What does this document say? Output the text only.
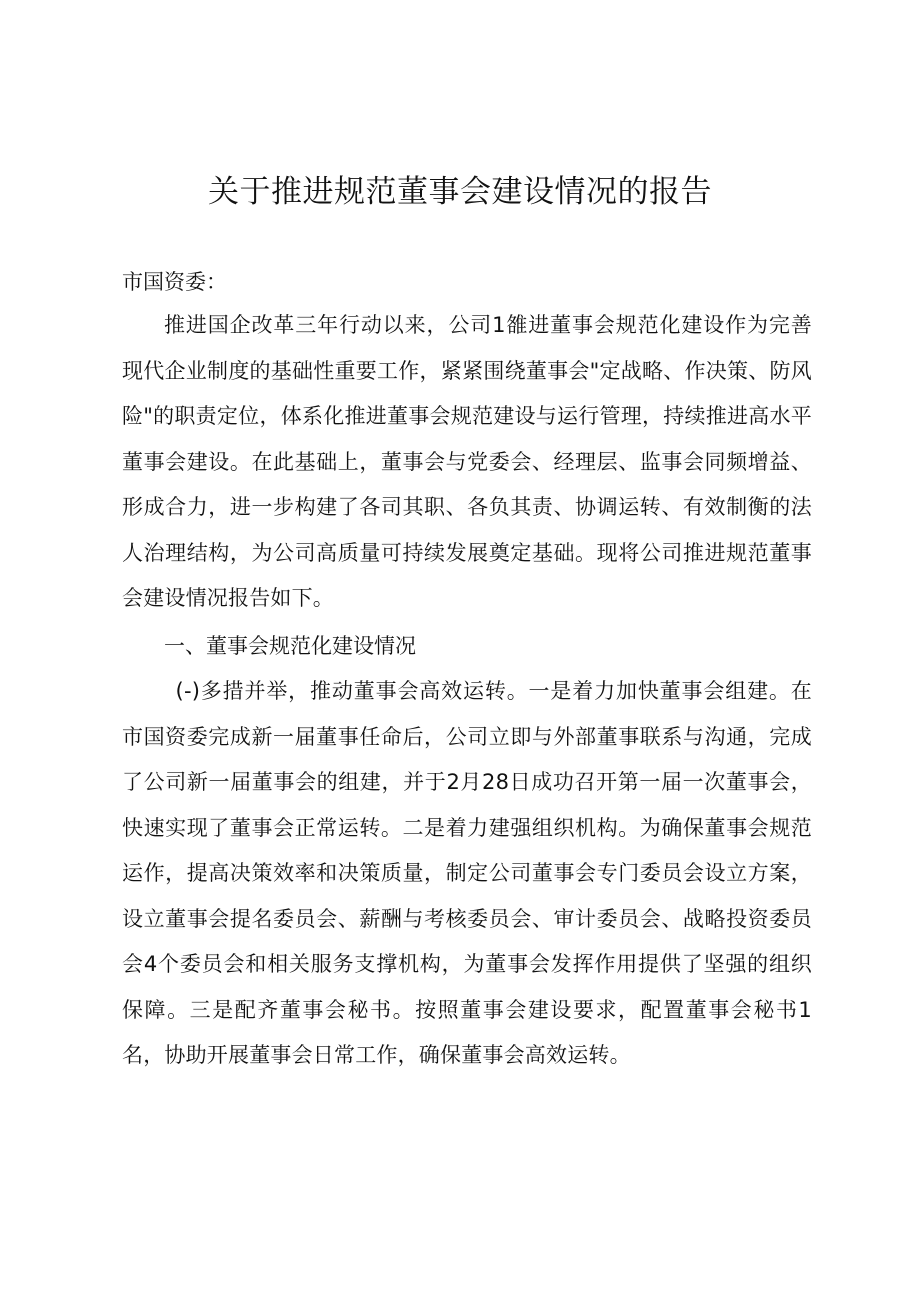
关于推进规范董事会建设情况的报告

市国资委：

推进国企改革三年行动以来，公司1雒进董事会规范化建设作为完善现代企业制度的基础性重要工作，紧紧围绕董事会"定战略、作决策、防风险"的职责定位，体系化推进董事会规范建设与运行管理，持续推进高水平董事会建设。在此基础上，董事会与党委会、经理层、监事会同频增益、形成合力，进一步构建了各司其职、各负其责、协调运转、有效制衡的法人治理结构，为公司高质量可持续发展奠定基础。现将公司推进规范董事会建设情况报告如下。

一、董事会规范化建设情况

(-)多措并举，推动董事会高效运转。一是着力加快董事会组建。在市国资委完成新一届董事任命后，公司立即与外部董事联系与沟通，完成了公司新一届董事会的组建，并于2月28日成功召开第一届一次董事会，快速实现了董事会正常运转。二是着力建强组织机构。为确保董事会规范运作，提高决策效率和决策质量，制定公司董事会专门委员会设立方案，设立董事会提名委员会、薪酬与考核委员会、审计委员会、战略投资委员会4个委员会和相关服务支撑机构，为董事会发挥作用提供了坚强的组织保障。三是配齐董事会秘书。按照董事会建设要求，配置董事会秘书1名，协助开展董事会日常工作，确保董事会高效运转。
